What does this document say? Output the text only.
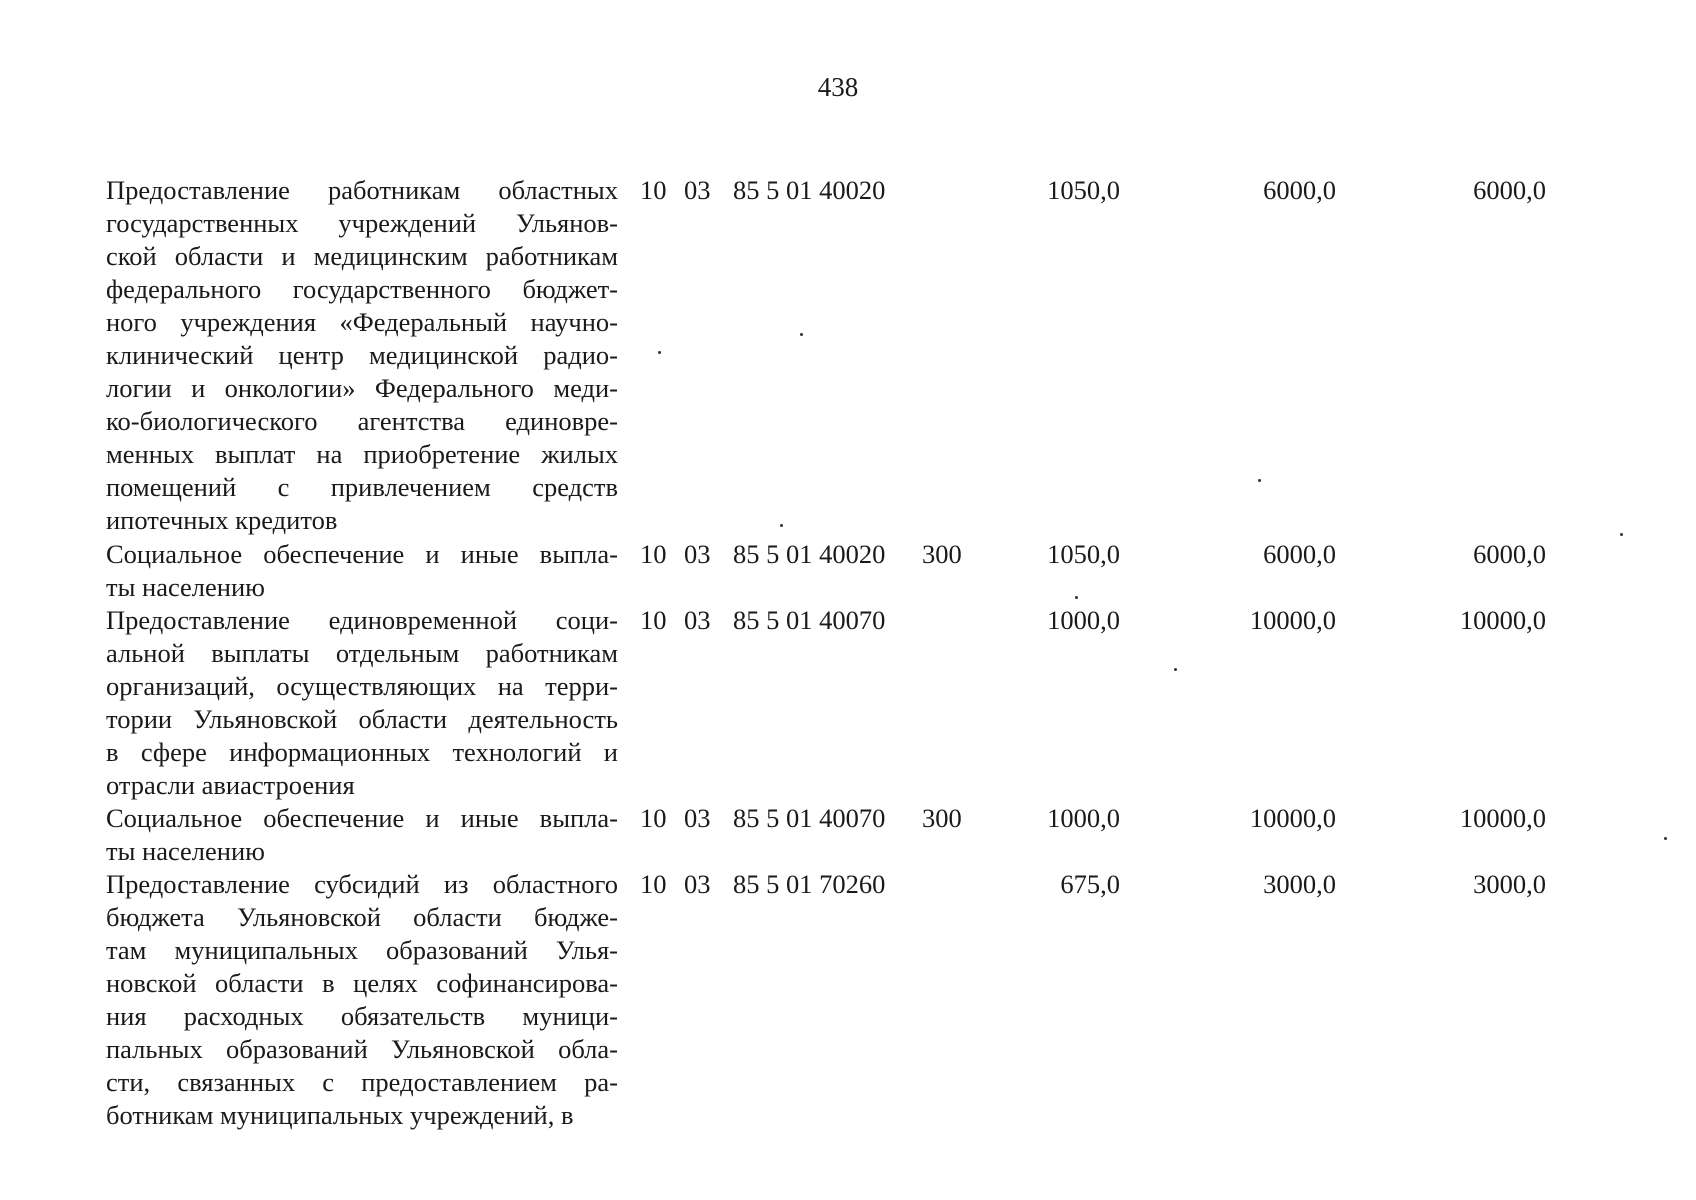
438
Предоставление работникам областных
государственных учреждений Ульянов-
ской области и медицинским работникам
федерального государственного бюджет-
ного учреждения «Федеральный научно-
клинический центр медицинской радио-
логии и онкологии» Федерального меди-
ко-биологического агентства единовре-
менных выплат на приобретение жилых
помещений с привлечением средств
ипотечных кредитов
10 03 85 5 01 40020	1050,0	6000,0	6000,0
Социальное обеспечение и иные выпла-
ты населению
10 03 85 5 01 40020 300	1050,0	6000,0	6000,0
Предоставление единовременной соци-
альной выплаты отдельным работникам
организаций, осуществляющих на терри-
тории Ульяновской области деятельность
в сфере информационных технологий и
отрасли авиастроения
10 03 85 5 01 40070	1000,0	10000,0	10000,0
Социальное обеспечение и иные выпла-
ты населению
10 03 85 5 01 40070 300	1000,0	10000,0	10000,0
Предоставление субсидий из областного
бюджета Ульяновской области бюдже-
там муниципальных образований Улья-
новской области в целях софинансирова-
ния расходных обязательств муници-
пальных образований Ульяновской обла-
сти, связанных с предоставлением ра-
ботникам муниципальных учреждений, в
10 03 85 5 01 70260	675,0	3000,0	3000,0
